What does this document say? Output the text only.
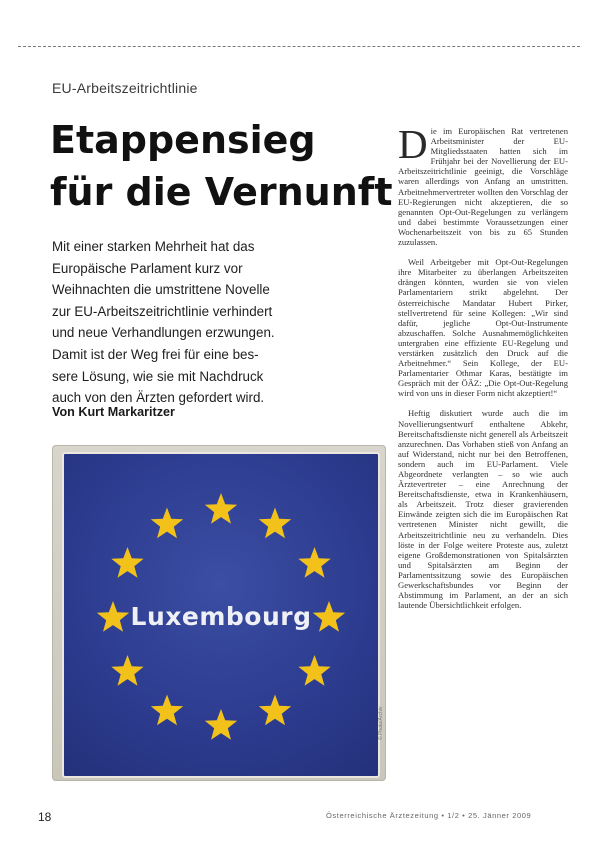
EU-Arbeitszeitrichtlinie
Etappensieg
für die Vernunft
Mit einer starken Mehrheit hat das
Europäische Parlament kurz vor
Weihnachten die umstrittene Novelle
zur EU-Arbeitszeitrichtlinie verhindert
und neue Verhandlungen erzwungen.
Damit ist der Weg frei für eine bes-
sere Lösung, wie sie mit Nachdruck
auch von den Ärzten gefordert wird.
Von Kurt Markaritzer

Die im Europäischen Rat vertretenen Arbeitsminister der EU-Mitgliedsstaaten hatten sich im Frühjahr bei der Novellierung der EU-Arbeitszeitrichtlinie geeinigt, die Vorschläge waren allerdings von Anfang an umstritten. Arbeitnehmervertreter wollten den Vorschlag der EU-Regierungen nicht akzeptieren, die so genannten Opt-Out-Regelungen zu verlängern und dabei bestimmte Voraussetzungen einer Wochenarbeitszeit von bis zu 65 Stunden zuzulassen.

Weil Arbeitgeber mit Opt-Out-Regelungen ihre Mitarbeiter zu überlangen Arbeitszeiten drängen könnten, wurden sie von vielen Parlamentariern strikt abgelehnt. Der österreichische Mandatar Hubert Pirker, stellvertretend für seine Kollegen: „Wir sind dafür, jegliche Opt-Out-Instrumente abzuschaffen. Solche Ausnahmemöglichkeiten untergraben eine effiziente EU-Regelung und verstärken zusätzlich den Druck auf die Arbeitnehmer.“ Sein Kollege, der EU-Parlamentarier Othmar Karas, bestätigte im Gespräch mit der ÖÄZ: „Die Opt-Out-Regelung wird von uns in dieser Form nicht akzeptiert!“

Heftig diskutiert wurde auch die im Novellierungsentwurf enthaltene Abkehr, Bereitschaftsdienste nicht generell als Arbeitszeit anzurechnen. Das Vorhaben stieß von Anfang an auf Widerstand, nicht nur bei den Betroffenen, sondern auch im EU-Parlament. Viele Abgeordnete verlangten – so wie auch Ärztevertreter – eine Anrechnung der Bereitschaftsdienste, etwa in Krankenhäusern, als Arbeitszeit. Trotz dieser gravierenden Einwände zeigten sich die im Europäischen Rat vertretenen Minister nicht gewillt, die Arbeitszeitrichtlinie neu zu verhandeln. Dies löste in der Folge weitere Proteste aus, zuletzt eigene Großdemonstrationen von Spitalsärzten und Spitalsärzten am Beginn der Parlamentssitzung sowie des Europäischen Gewerkschaftsbundes vor Beginn der Abstimmung im Parlament, an der an sich lautende Übersichtlichkeit erfolgen.

Luxembourg
© Photo/Archiv
18	Österreichische Ärztezeitung • 1/2 • 25. Jänner 2009
